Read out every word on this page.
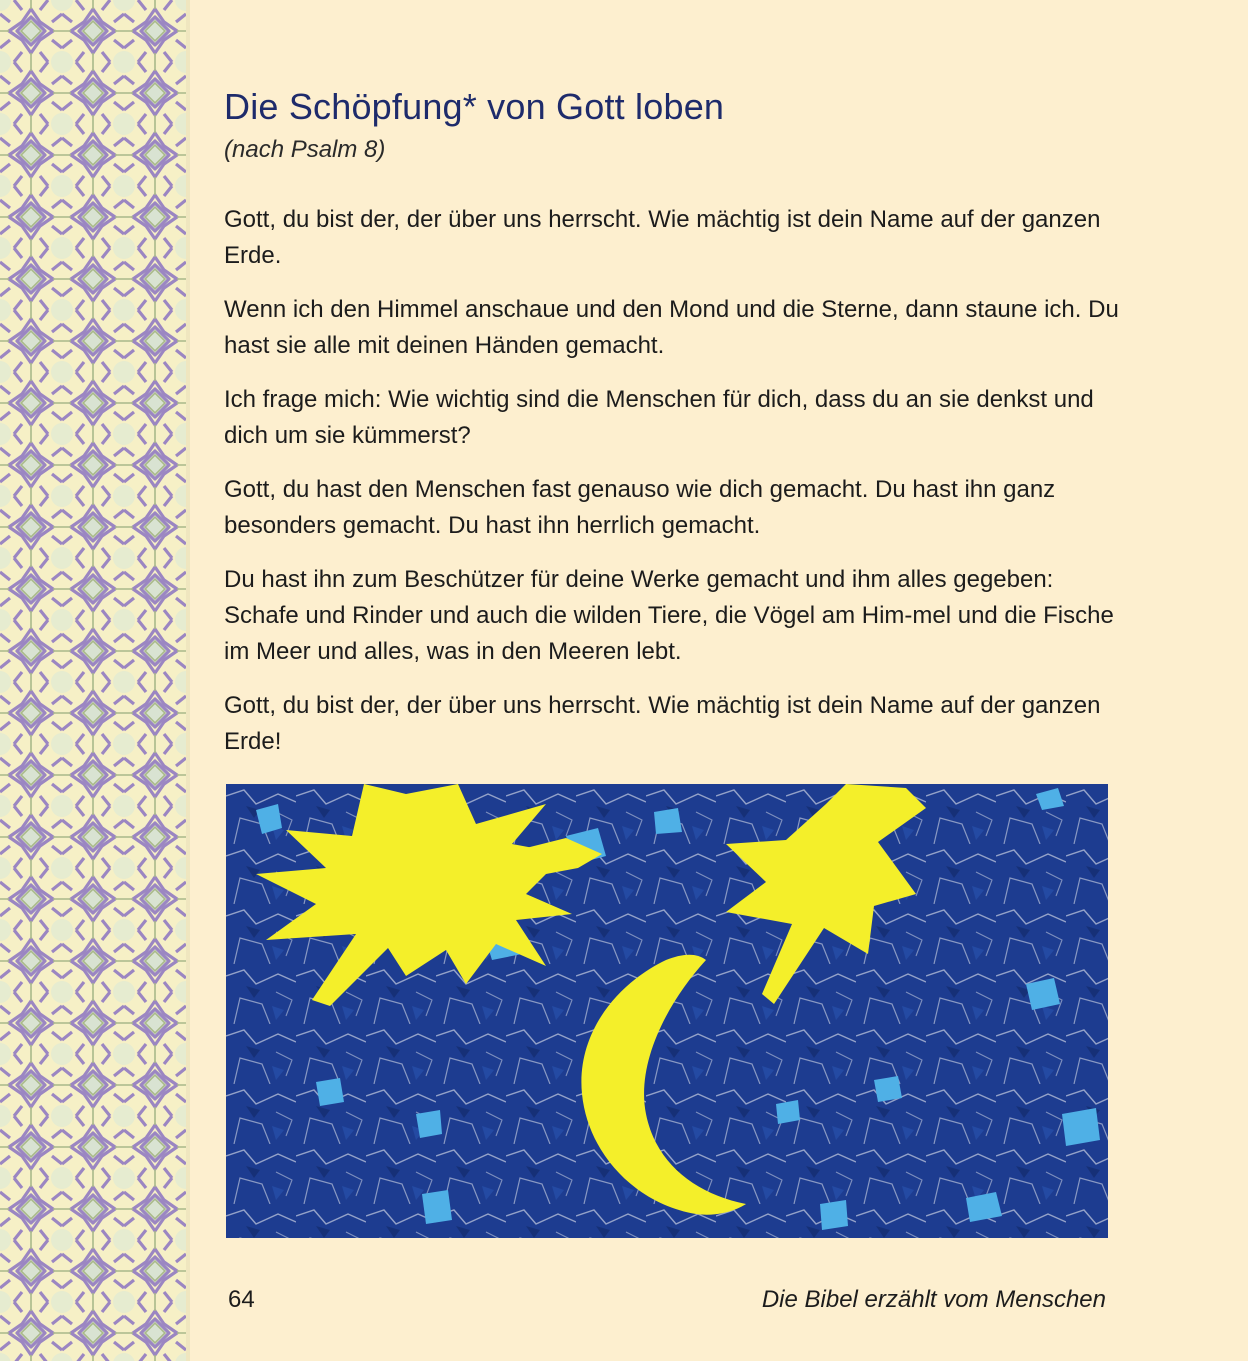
Die Schöpfung* von Gott loben

(nach Psalm 8)

Gott, du bist der, der über uns herrscht. Wie mächtig ist dein Name auf der ganzen Erde.

Wenn ich den Himmel anschaue und den Mond und die Sterne, dann staune ich. Du hast sie alle mit deinen Händen gemacht.

Ich frage mich: Wie wichtig sind die Menschen für dich, dass du an sie denkst und dich um sie kümmerst?

Gott, du hast den Menschen fast genauso wie dich gemacht. Du hast ihn ganz besonders gemacht. Du hast ihn herrlich gemacht.

Du hast ihn zum Beschützer für deine Werke gemacht und ihm alles gegeben: Schafe und Rinder und auch die wilden Tiere, die Vögel am Him-mel und die Fische im Meer und alles, was in den Meeren lebt.

Gott, du bist der, der über uns herrscht. Wie mächtig ist dein Name auf der ganzen Erde!

64	Die Bibel erzählt vom Menschen
